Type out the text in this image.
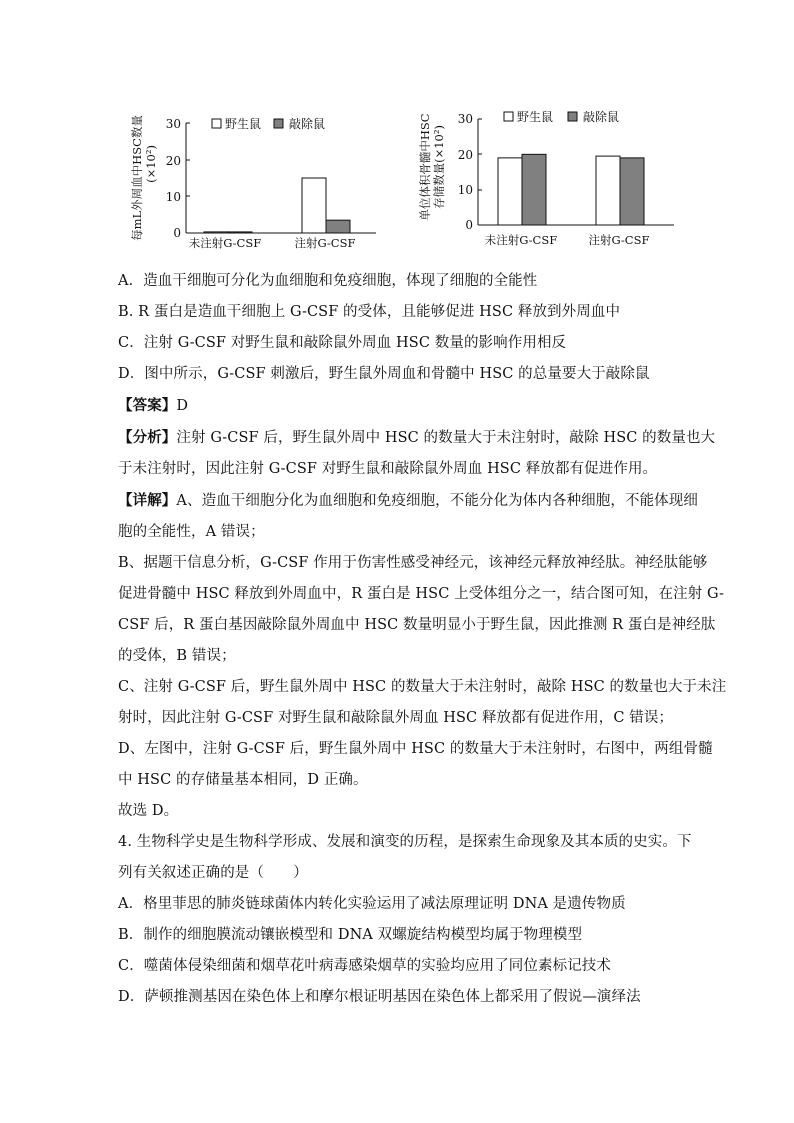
每mL外周血中HSC数量 (×10²)
30
20
10
0
野生鼠 敲除鼠
未注射G-CSF	注射G-CSF
单位体积骨髓中HSC 存储数量(×10²)
30
20
10
0
野生鼠 敲除鼠
未注射G-CSF	注射G-CSF
A．造血干细胞可分化为血细胞和免疫细胞，体现了细胞的全能性
B. R 蛋白是造血干细胞上 G-CSF 的受体，且能够促进 HSC 释放到外周血中
C．注射 G-CSF 对野生鼠和敲除鼠外周血 HSC 数量的影响作用相反
D．图中所示，G-CSF 刺激后，野生鼠外周血和骨髓中 HSC 的总量要大于敲除鼠
【答案】D
【分析】注射 G-CSF 后，野生鼠外周中 HSC 的数量大于未注射时，敲除 HSC 的数量也大
于未注射时，因此注射 G-CSF 对野生鼠和敲除鼠外周血 HSC 释放都有促进作用。
【详解】A、造血干细胞分化为血细胞和免疫细胞，不能分化为体内各种细胞，不能体现细
胞的全能性，A 错误；
B、据题干信息分析，G-CSF 作用于伤害性感受神经元，该神经元释放神经肽。神经肽能够
促进骨髓中 HSC 释放到外周血中，R 蛋白是 HSC 上受体组分之一，结合图可知，在注射 G-
CSF 后，R 蛋白基因敲除鼠外周血中 HSC 数量明显小于野生鼠，因此推测 R 蛋白是神经肽
的受体，B 错误；
C、注射 G-CSF 后，野生鼠外周中 HSC 的数量大于未注射时，敲除 HSC 的数量也大于未注
射时，因此注射 G-CSF 对野生鼠和敲除鼠外周血 HSC 释放都有促进作用，C 错误；
D、左图中，注射 G-CSF 后，野生鼠外周中 HSC 的数量大于未注射时，右图中，两组骨髓
中 HSC 的存储量基本相同，D 正确。
故选 D。
4. 生物科学史是生物科学形成、发展和演变的历程，是探索生命现象及其本质的史实。下
列有关叙述正确的是（　　）
A．格里菲思的肺炎链球菌体内转化实验运用了减法原理证明 DNA 是遗传物质
B．制作的细胞膜流动镶嵌模型和 DNA 双螺旋结构模型均属于物理模型
C．噬菌体侵染细菌和烟草花叶病毒感染烟草的实验均应用了同位素标记技术
D．萨顿推测基因在染色体上和摩尔根证明基因在染色体上都采用了假说—演绎法
